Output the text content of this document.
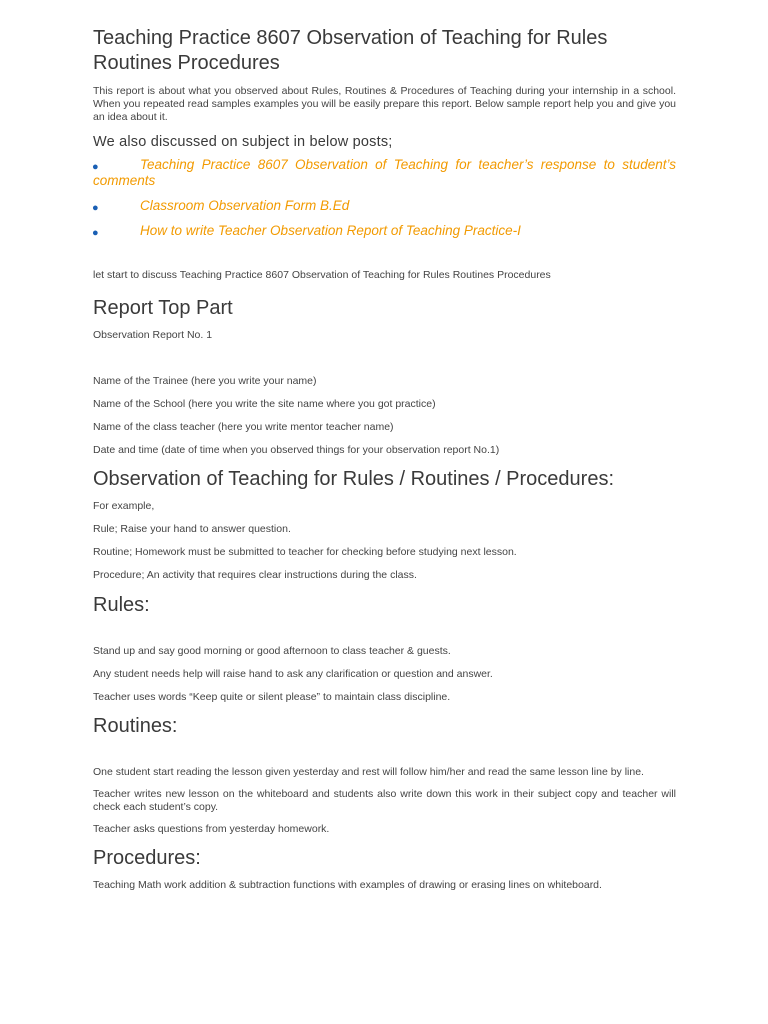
Teaching Practice 8607 Observation of Teaching for Rules Routines Procedures

This report is about what you observed about Rules, Routines & Procedures of Teaching during your internship in a school. When you repeated read samples examples you will be easily prepare this report. Below sample report help you and give you an idea about it.

We also discussed on subject in below posts;
●	Teaching Practice 8607 Observation of Teaching for teacher’s response to student’s comments
●	Classroom Observation Form B.Ed
●	How to write Teacher Observation Report of Teaching Practice-I

let start to discuss Teaching Practice 8607 Observation of Teaching for Rules Routines Procedures

Report Top Part

Observation Report No. 1

Name of the Trainee (here you write your name)

Name of the School (here you write the site name where you got practice)

Name of the class teacher (here you write mentor teacher name)

Date and time (date of time when you observed things for your observation report No.1)

Observation of Teaching for Rules / Routines / Procedures:

For example,

Rule; Raise your hand to answer question.

Routine; Homework must be submitted to teacher for checking before studying next lesson.

Procedure; An activity that requires clear instructions during the class.

Rules:

Stand up and say good morning or good afternoon to class teacher & guests.

Any student needs help will raise hand to ask any clarification or question and answer.

Teacher uses words “Keep quite or silent please” to maintain class discipline.

Routines:

One student start reading the lesson given yesterday and rest will follow him/her and read the same lesson line by line.

Teacher writes new lesson on the whiteboard and students also write down this work in their subject copy and teacher will check each student’s copy.

Teacher asks questions from yesterday homework.

Procedures:

Teaching Math work addition & subtraction functions with examples of drawing or erasing lines on whiteboard.
